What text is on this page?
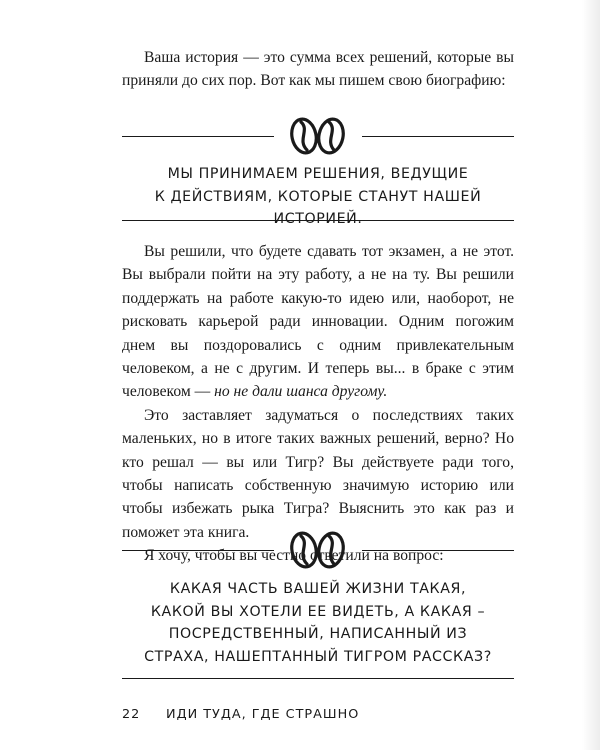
Ваша история — это сумма всех решений, которые вы приняли до сих пор. Вот как мы пишем свою биографию:
МЫ ПРИНИМАЕМ РЕШЕНИЯ, ВЕДУЩИЕ
К ДЕЙСТВИЯМ, КОТОРЫЕ СТАНУТ НАШЕЙ ИСТОРИЕЙ.

Вы решили, что будете сдавать тот экзамен, а не этот. Вы выбрали пойти на эту работу, а не на ту. Вы решили поддержать на работе какую-то идею или, наоборот, не рисковать карьерой ради инновации. Одним погожим днем вы поздоровались с одним привлекательным человеком, а не с другим. И теперь вы... в браке с этим человеком — но не дали шанса другому.

Это заставляет задуматься о последствиях таких маленьких, но в итоге таких важных решений, верно? Но кто решал — вы или Тигр? Вы действуете ради того, чтобы написать собственную значимую историю или чтобы избежать рыка Тигра? Выяснить это как раз и поможет эта книга.

Я хочу, чтобы вы честно ответили на вопрос:

КАКАЯ ЧАСТЬ ВАШЕЙ ЖИЗНИ ТАКАЯ,
КАКОЙ ВЫ ХОТЕЛИ ЕЕ ВИДЕТЬ, А КАКАЯ –
ПОСРЕДСТВЕННЫЙ, НАПИСАННЫЙ ИЗ
СТРАХА, НАШЕПТАННЫЙ ТИГРОМ РАССКАЗ?
22 ИДИ ТУДА, ГДЕ СТРАШНО
